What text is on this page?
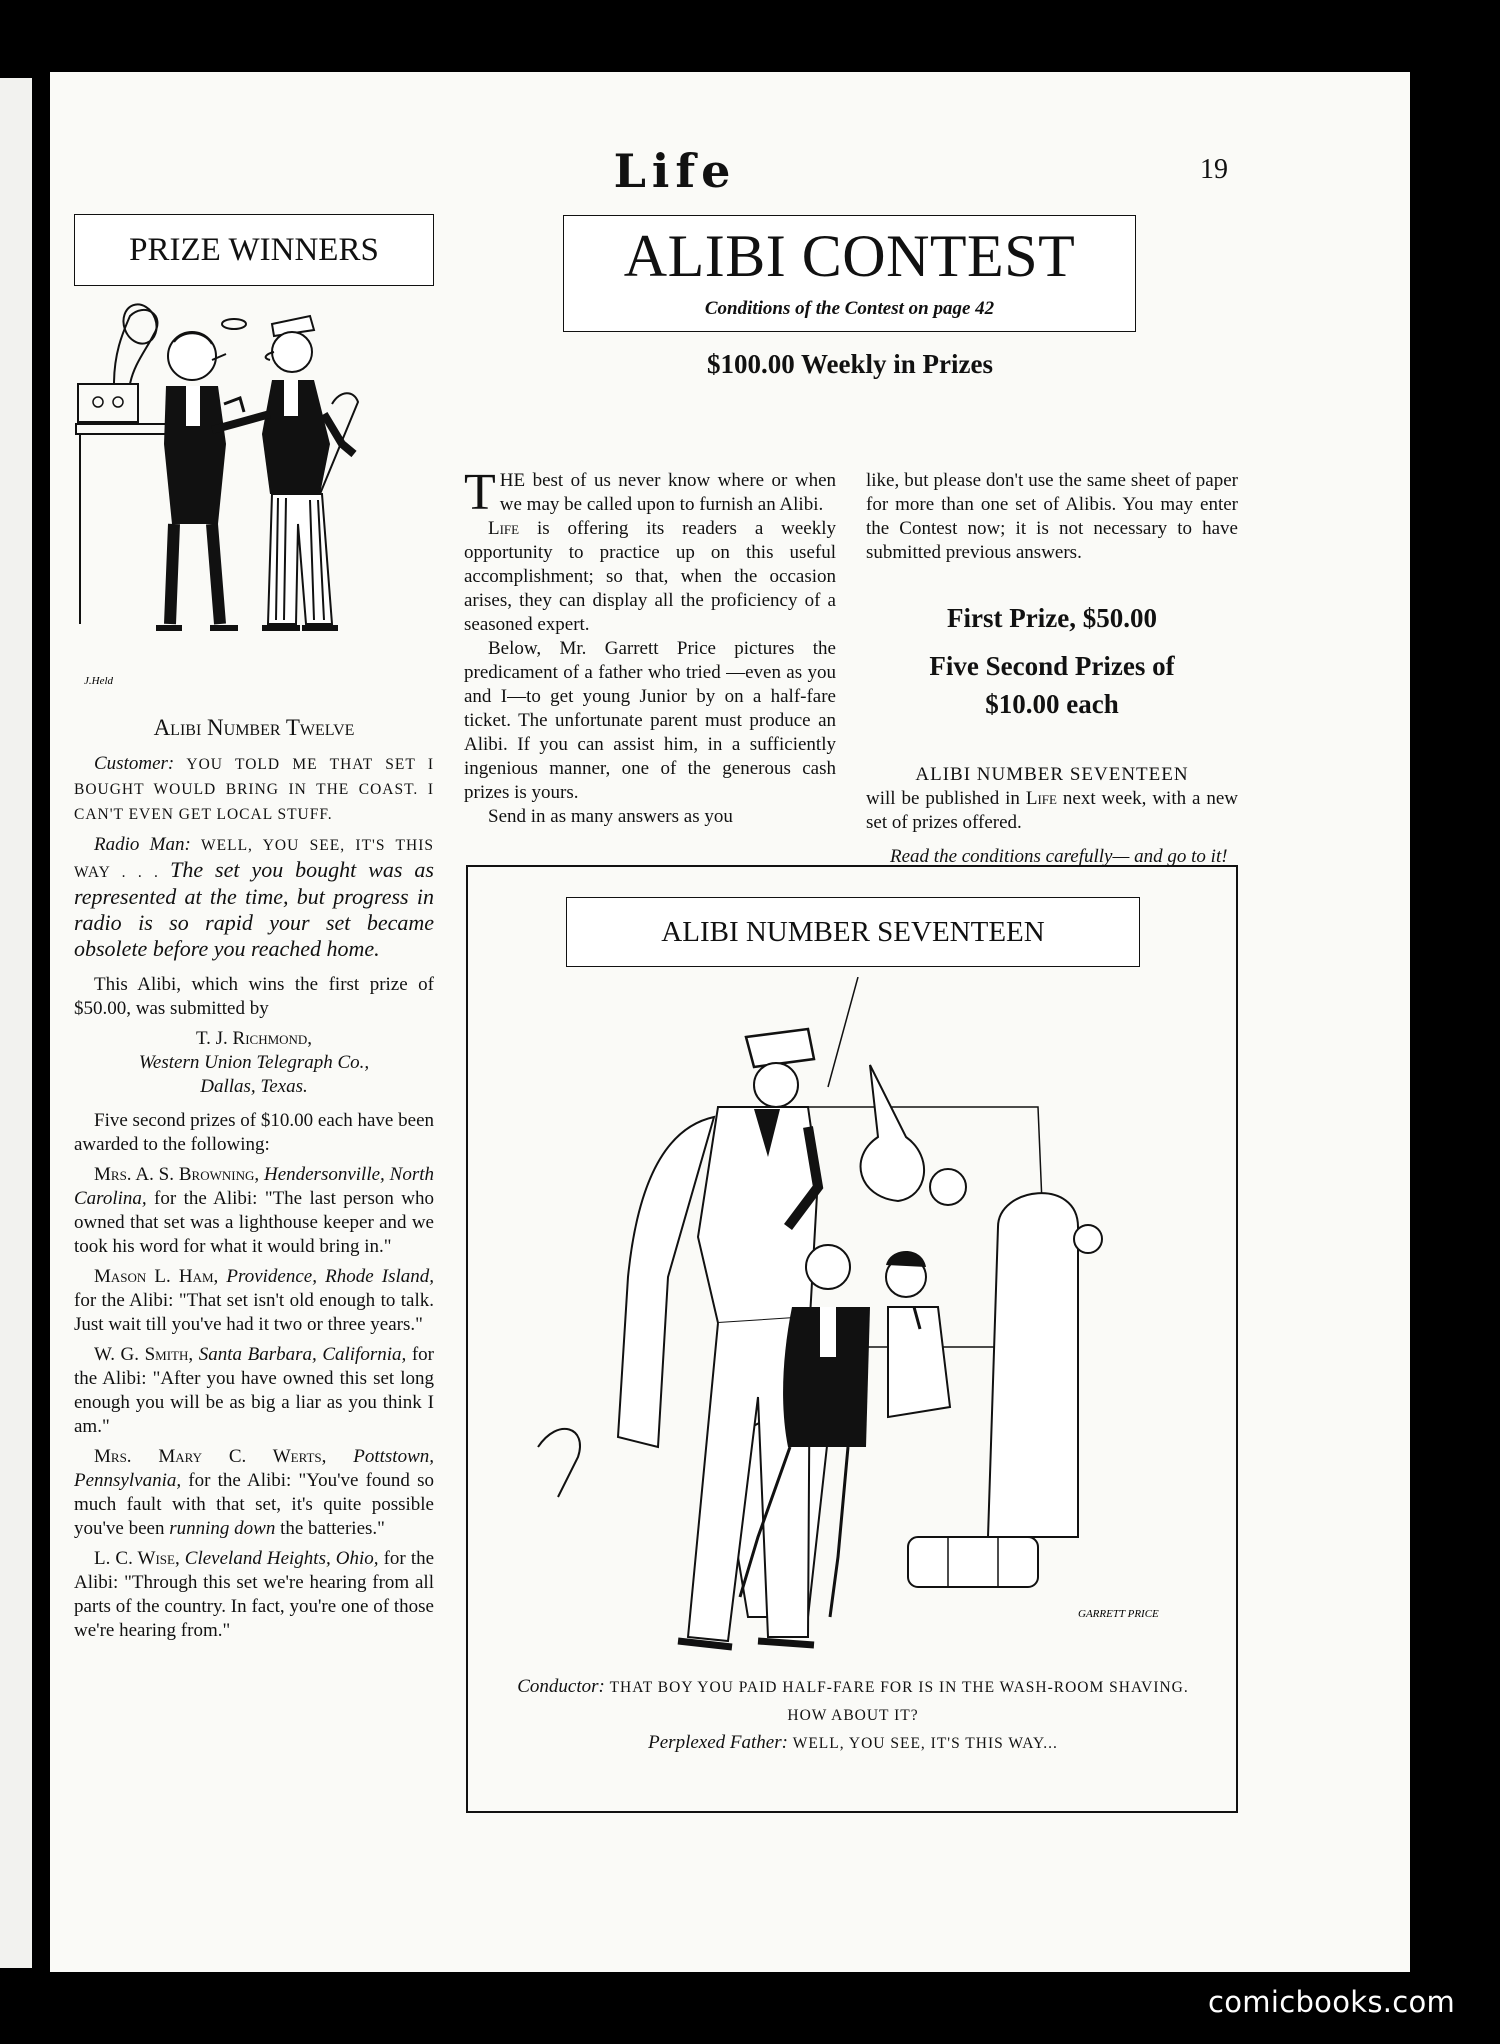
Life	19
PRIZE WINNERS
J.Held

Alibi Number Twelve

Customer: YOU TOLD ME THAT SET I BOUGHT WOULD BRING IN THE COAST. I CAN'T EVEN GET LOCAL STUFF.

Radio Man: WELL, YOU SEE, IT'S THIS WAY . . . The set you bought was as represented at the time, but progress in radio is so rapid your set became obsolete before you reached home.

This Alibi, which wins the first prize of $50.00, was submitted by

T. J. Richmond,

Western Union Telegraph Co.,

Dallas, Texas.

Five second prizes of $10.00 each have been awarded to the following:

Mrs. A. S. Browning, Hendersonville, North Carolina, for the Alibi: "The last person who owned that set was a lighthouse keeper and we took his word for what it would bring in."

Mason L. Ham, Providence, Rhode Island, for the Alibi: "That set isn't old enough to talk. Just wait till you've had it two or three years."

W. G. Smith, Santa Barbara, California, for the Alibi: "After you have owned this set long enough you will be as big a liar as you think I am."

Mrs. Mary C. Werts, Pottstown, Pennsylvania, for the Alibi: "You've found so much fault with that set, it's quite possible you've been running down the batteries."

L. C. Wise, Cleveland Heights, Ohio, for the Alibi: "Through this set we're hearing from all parts of the country. In fact, you're one of those we're hearing from."

ALIBI CONTEST
Conditions of the Contest on page 42
$100.00 Weekly in Prizes

THE best of us never know where or when we may be called upon to furnish an Alibi.

Life is offering its readers a weekly opportunity to practice up on this useful accomplishment; so that, when the occasion arises, they can display all the proficiency of a seasoned expert.

Below, Mr. Garrett Price pictures the predicament of a father who tried —even as you and I—to get young Junior by on a half-fare ticket. The unfortunate parent must produce an Alibi. If you can assist him, in a sufficiently ingenious manner, one of the generous cash prizes is yours.

Send in as many answers as you

like, but please don't use the same sheet of paper for more than one set of Alibis. You may enter the Contest now; it is not necessary to have submitted previous answers.

First Prize, $50.00

Five Second Prizes of

$10.00 each

ALIBI NUMBER SEVENTEEN

will be published in Life next week, with a new set of prizes offered.

Read the conditions carefully— and go to it!

ALIBI NUMBER SEVENTEEN
GARRETT PRICE
Conductor: THAT BOY YOU PAID HALF-FARE FOR IS IN THE WASH-ROOM SHAVING. HOW ABOUT IT?
Perplexed Father: WELL, YOU SEE, IT'S THIS WAY...
comicbooks.com
